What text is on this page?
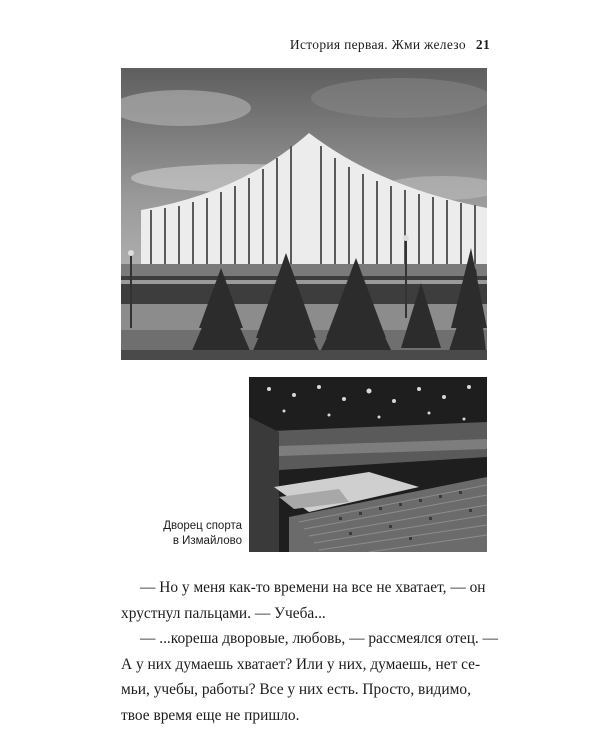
История первая. Жми железо 21
Дворец спорта
в Измайлово
— Но у меня как-то времени на все не хватает, — он
хрустнул пальцами. — Учеба...
— ...кореша дворовые, любовь, — рассмеялся отец. —
А у них думаешь хватает? Или у них, думаешь, нет се-
мьи, учебы, работы? Все у них есть. Просто, видимо,
твое время еще не пришло.
